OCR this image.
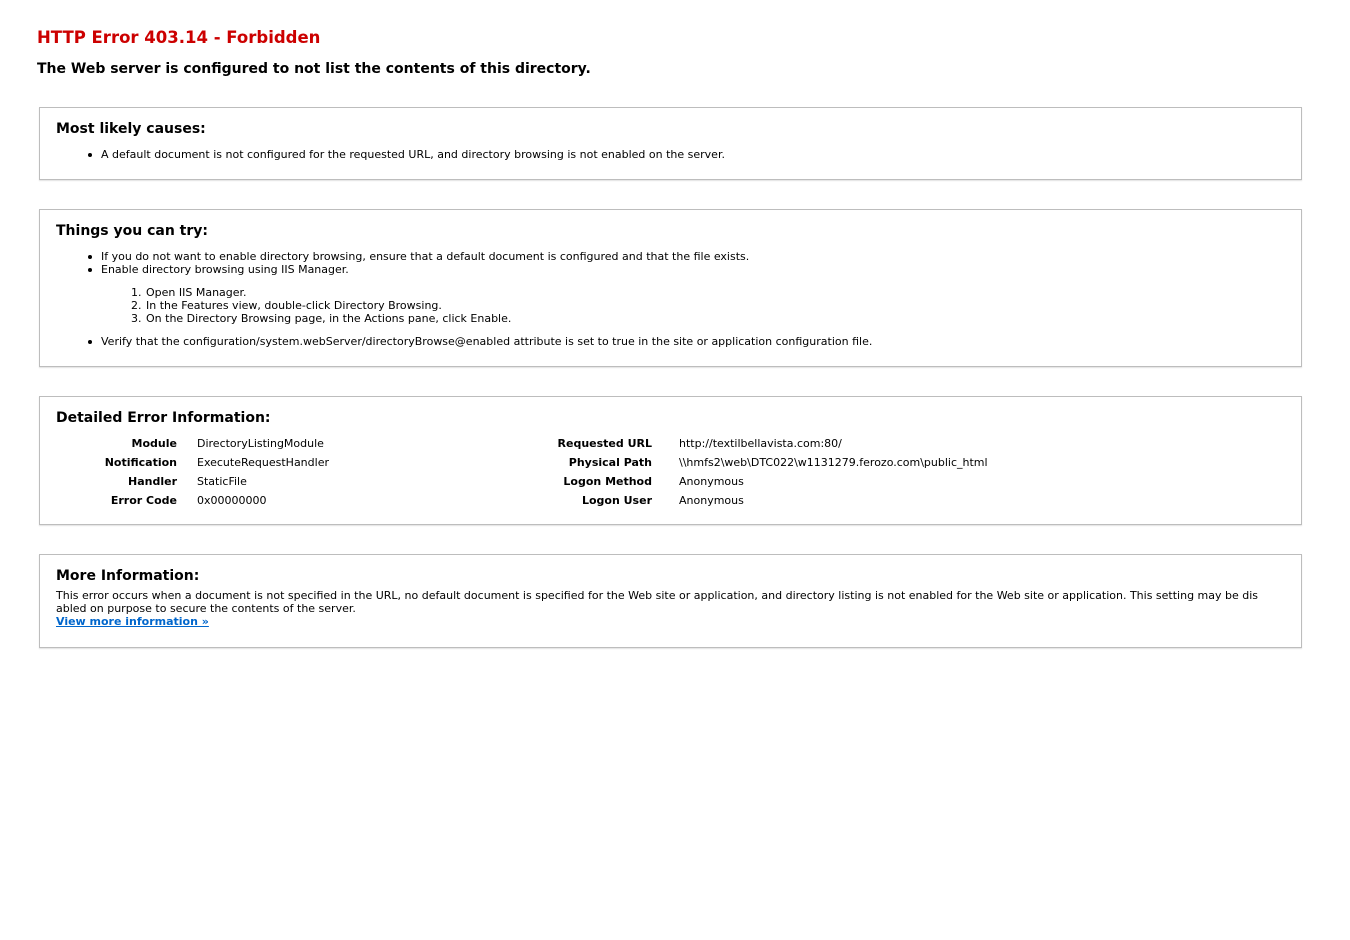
HTTP Error 403.14 - Forbidden
The Web server is configured to not list the contents of this directory.
Most likely causes:
A default document is not configured for the requested URL, and directory browsing is not enabled on the server.
Things you can try:
If you do not want to enable directory browsing, ensure that a default document is configured and that the file exists.
Enable directory browsing using IIS Manager.
1. Open IIS Manager.
2. In the Features view, double-click Directory Browsing.
3. On the Directory Browsing page, in the Actions pane, click Enable.
Verify that the configuration/system.webServer/directoryBrowse@enabled attribute is set to true in the site or application configuration file.
Detailed Error Information:
Module	DirectoryListingModule
Notification	ExecuteRequestHandler
Handler	StaticFile
Error Code	0x00000000
Requested URL	http://textilbellavista.com:80/
Physical Path	\\hmfs2\web\DTC022\w1131279.ferozo.com\public_html
Logon Method	Anonymous
Logon User	Anonymous
More Information:
This error occurs when a document is not specified in the URL, no default document is specified for the Web site or application, and directory listing is not enabled for the Web site or application. This setting may be dis
abled on purpose to secure the contents of the server.
View more information »
